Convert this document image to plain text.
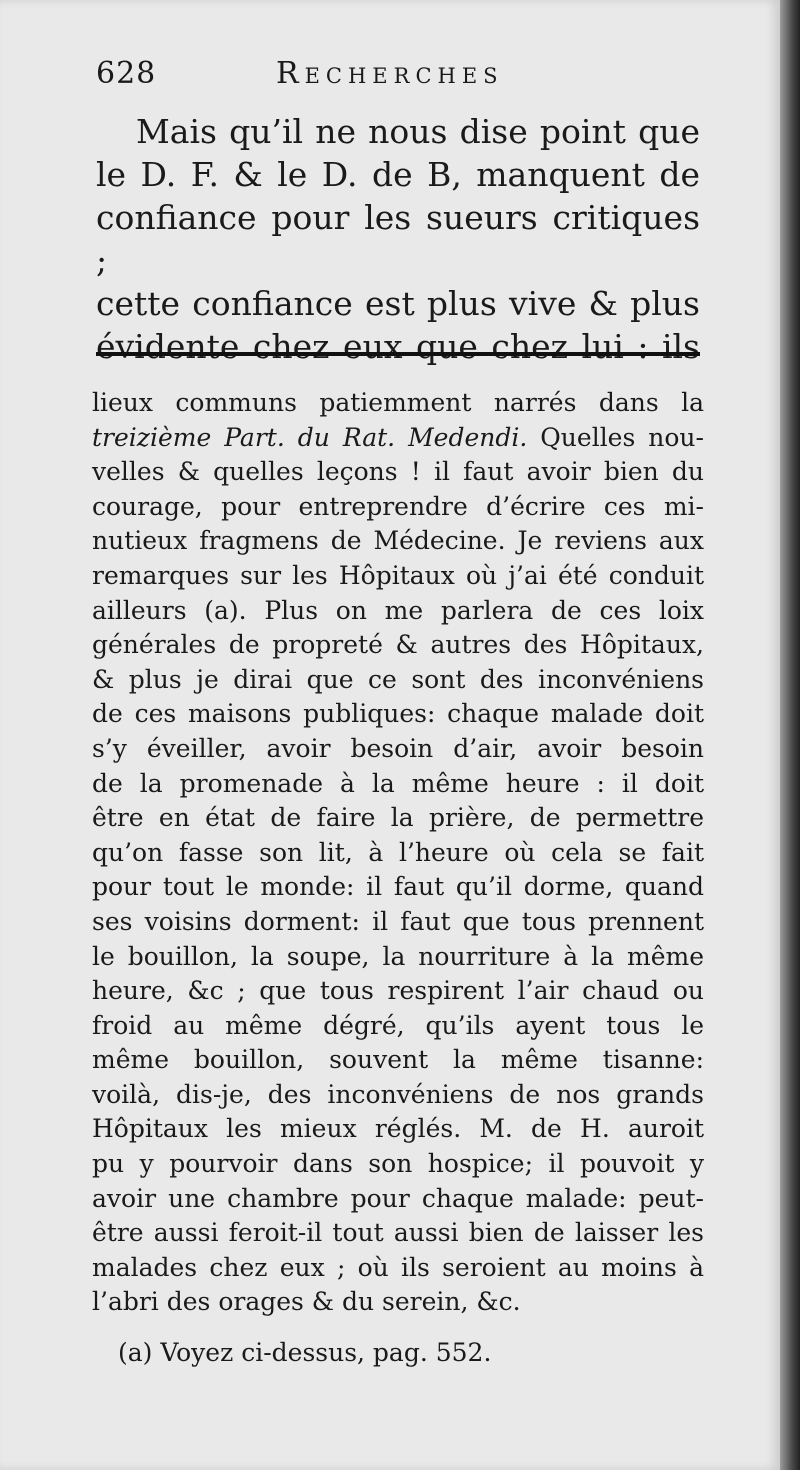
628	Recherches

Mais qu’il ne nous dise point que

le D. F. & le D. de B, manquent de

confiance pour les sueurs critiques ;

cette confiance est plus vive & plus

évidente chez eux que chez lui : ils

lieux communs patiemment narrés dans la

treizième Part. du Rat. Medendi. Quelles nou-

velles & quelles leçons ! il faut avoir bien du

courage, pour entreprendre d’écrire ces mi-

nutieux fragmens de Médecine. Je reviens aux

remarques sur les Hôpitaux où j’ai été conduit

ailleurs (a). Plus on me parlera de ces loix

générales de propreté & autres des Hôpitaux,

& plus je dirai que ce sont des inconvéniens

de ces maisons publiques: chaque malade doit

s’y éveiller, avoir besoin d’air, avoir besoin

de la promenade à la même heure : il doit

être en état de faire la prière, de permettre

qu’on fasse son lit, à l’heure où cela se fait

pour tout le monde: il faut qu’il dorme, quand

ses voisins dorment: il faut que tous prennent

le bouillon, la soupe, la nourriture à la même

heure, &c ; que tous respirent l’air chaud ou

froid au même dégré, qu’ils ayent tous le

même bouillon, souvent la même tisanne:

voilà, dis-je, des inconvéniens de nos grands

Hôpitaux les mieux réglés. M. de H. auroit

pu y pourvoir dans son hospice; il pouvoit y

avoir une chambre pour chaque malade: peut-

être aussi feroit-il tout aussi bien de laisser les

malades chez eux ; où ils seroient au moins à

l’abri des orages & du serein, &c.

(a) Voyez ci-dessus, pag. 552.
